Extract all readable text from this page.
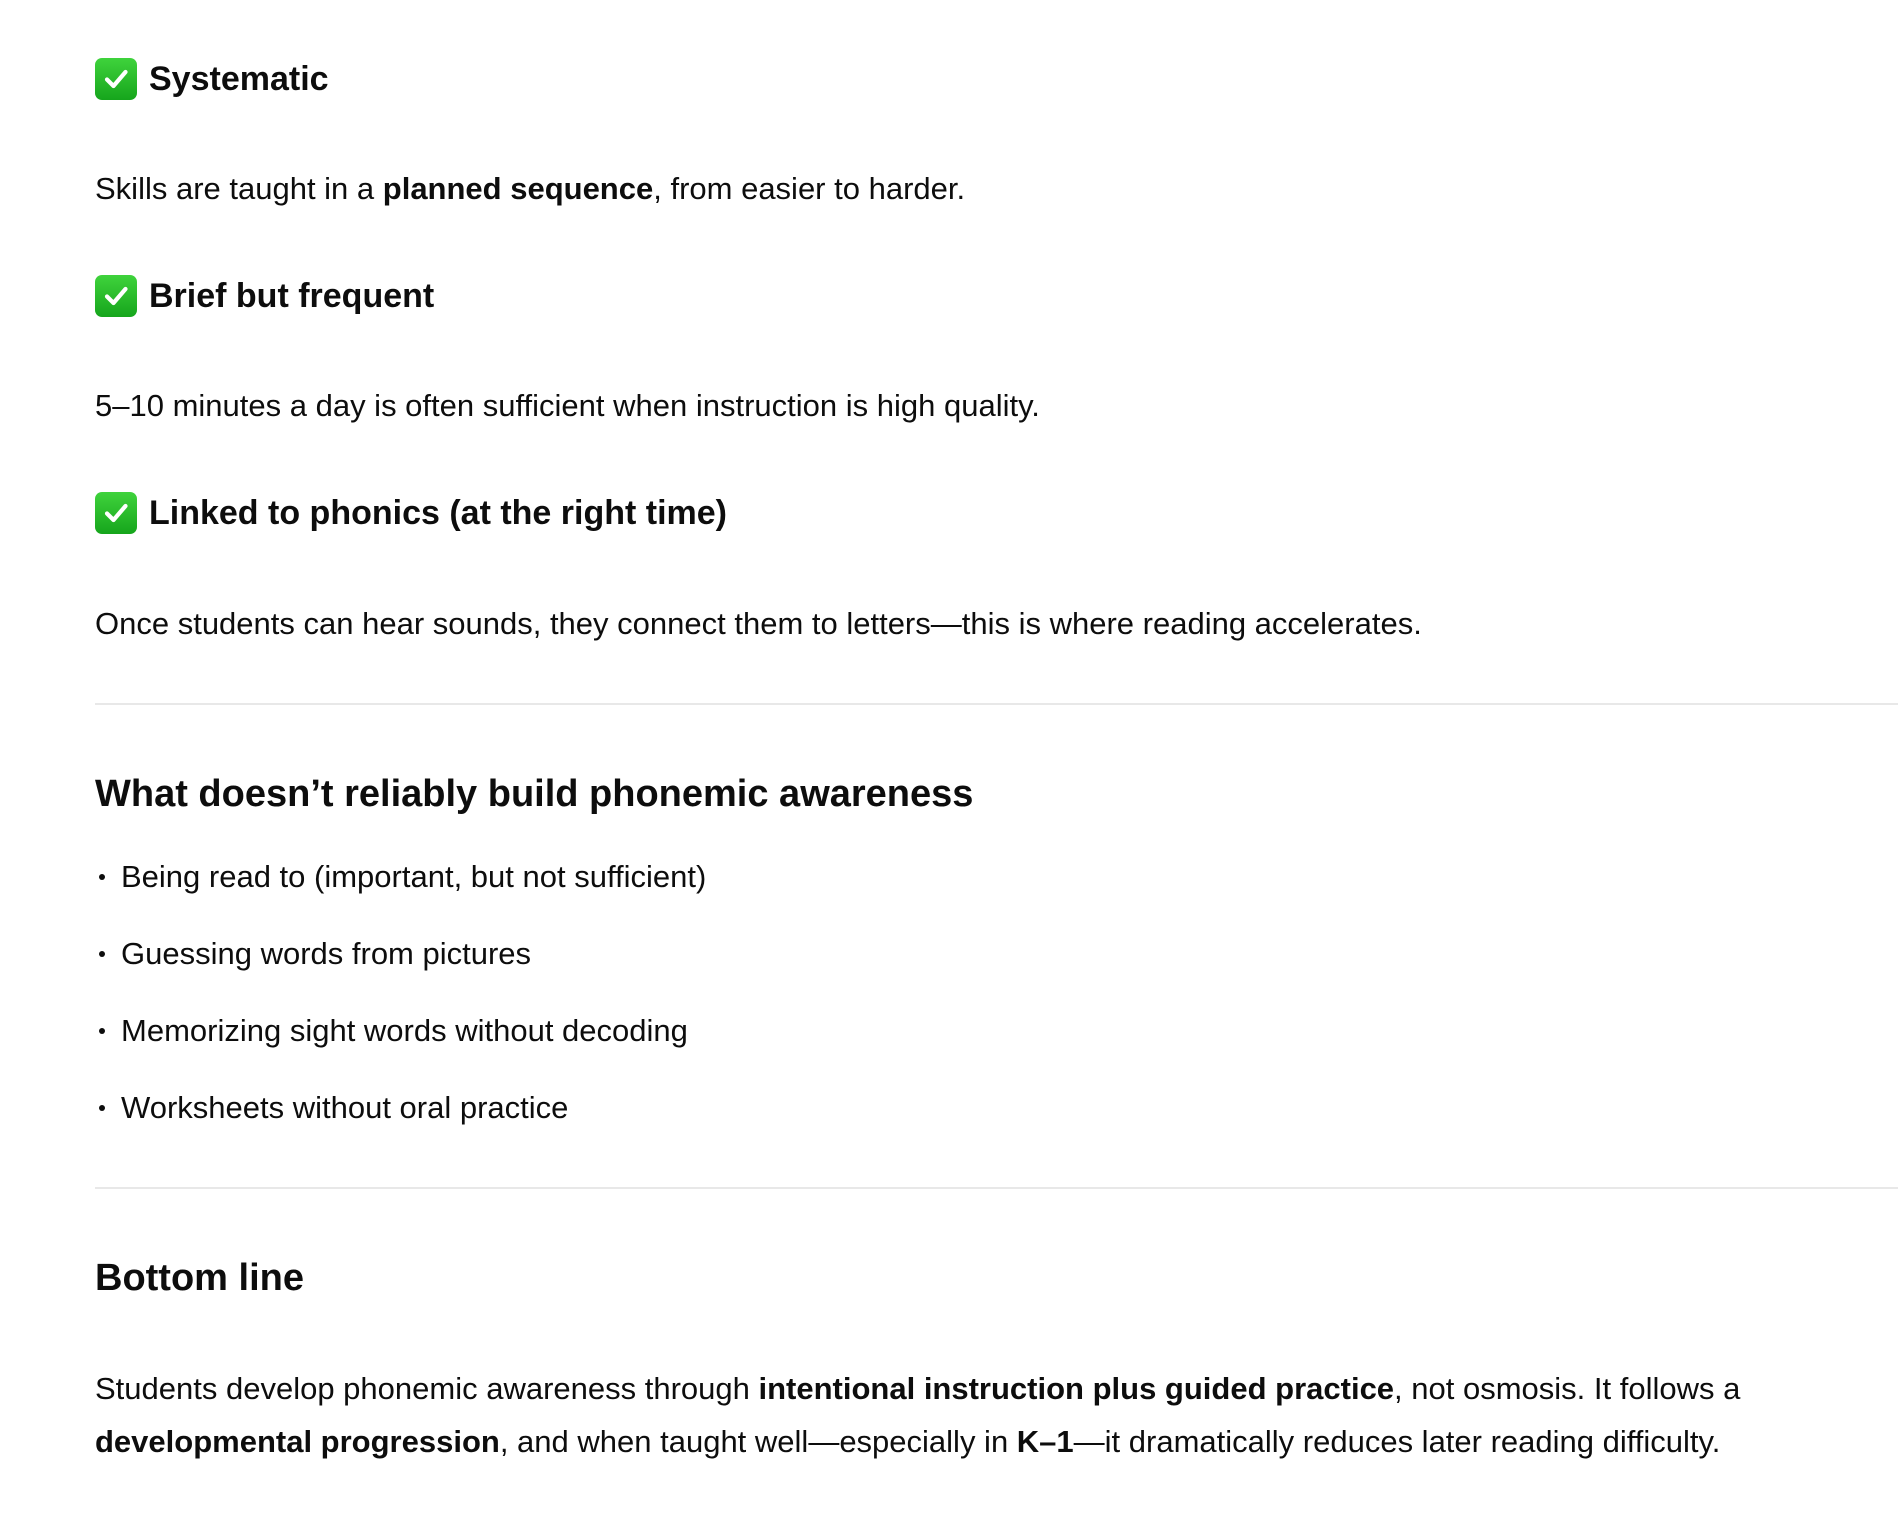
Systematic
Skills are taught in a planned sequence, from easier to harder.
Brief but frequent
5–10 minutes a day is often sufficient when instruction is high quality.
Linked to phonics (at the right time)
Once students can hear sounds, they connect them to letters—this is where reading accelerates.
What doesn’t reliably build phonemic awareness
Being read to (important, but not sufficient)
Guessing words from pictures
Memorizing sight words without decoding
Worksheets without oral practice
Bottom line
Students develop phonemic awareness through intentional instruction plus guided practice, not osmosis. It follows a developmental progression, and when taught well—especially in K–1—it dramatically reduces later reading difficulty.
